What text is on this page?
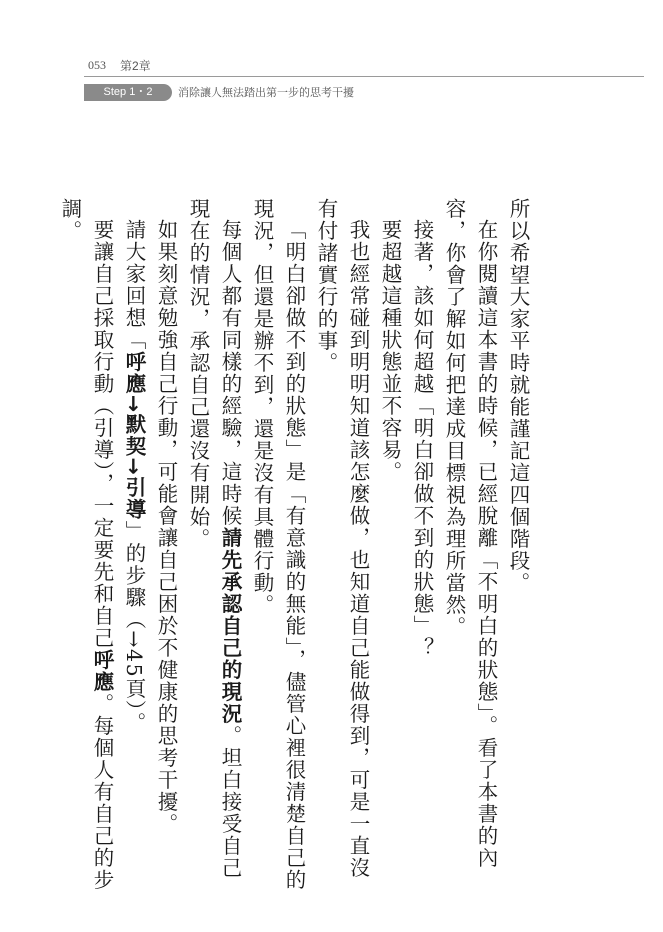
053 第2章
Step 1・2	消除讓人無法踏出第一步的思考干擾

所以希望大家平時就能謹記這四個階段。

在你閱讀這本書的時候，已經脫離「不明白的狀態」。看了本書的內容，你會了解如何把達成目標視為理所當然。

接著，該如何超越「明白卻做不到的狀態」？

要超越這種狀態並不容易。

我也經常碰到明明知道該怎麼做，也知道自己能做得到，可是一直沒有付諸實行的事。

「明白卻做不到的狀態」是「有意識的無能」，儘管心裡很清楚自己的現況，但還是辦不到，還是沒有具體行動。

每個人都有同樣的經驗，這時候請先承認自己的現況。坦白接受自己現在的情況，承認自己還沒有開始。

如果刻意勉強自己行動，可能會讓自己困於不健康的思考干擾。

請大家回想「呼應→默契→引導」的步驟（→45頁）。

要讓自己採取行動（引導），一定要先和自己呼應。每個人有自己的步調。
